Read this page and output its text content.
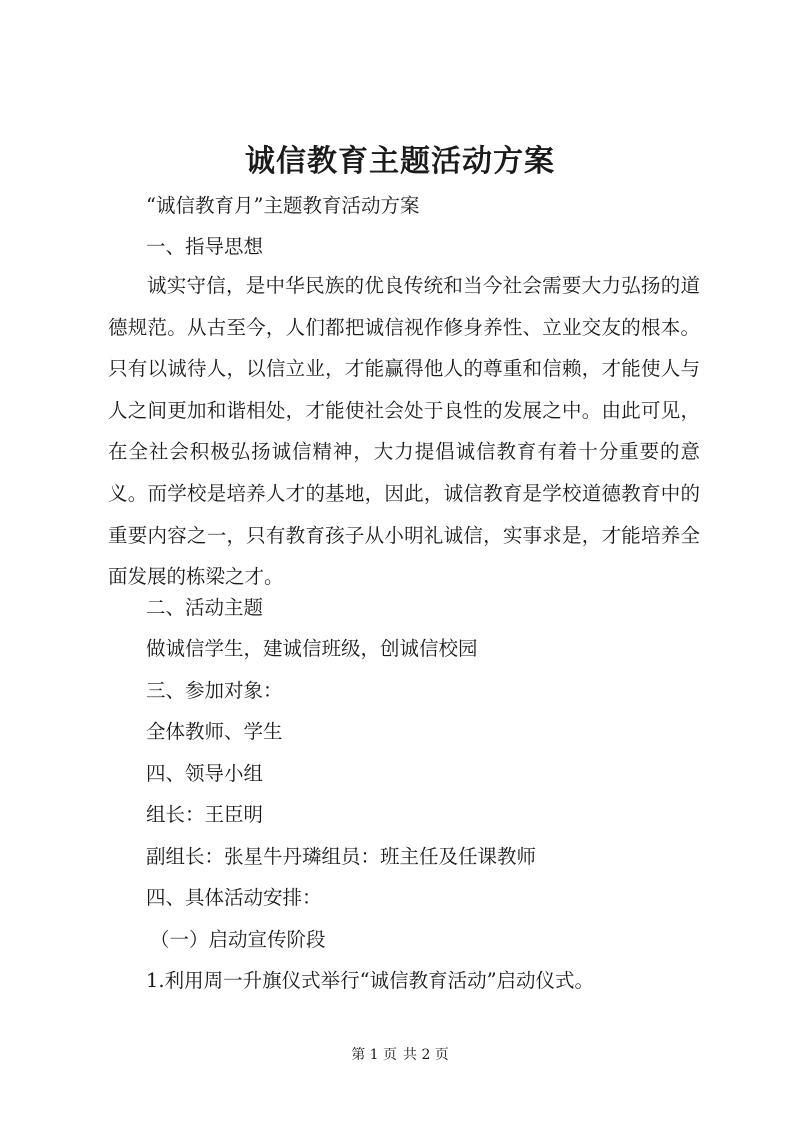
诚信教育主题活动方案
“诚信教育月”主题教育活动方案
一、指导思想
诚实守信，是中华民族的优良传统和当今社会需要大力弘扬的道德规范。从古至今，人们都把诚信视作修身养性、立业交友的根本。只有以诚待人，以信立业，才能赢得他人的尊重和信赖，才能使人与人之间更加和谐相处，才能使社会处于良性的发展之中。由此可见，在全社会积极弘扬诚信精神，大力提倡诚信教育有着十分重要的意义。而学校是培养人才的基地，因此，诚信教育是学校道德教育中的重要内容之一，只有教育孩子从小明礼诚信，实事求是，才能培养全面发展的栋梁之才。
二、活动主题
做诚信学生，建诚信班级，创诚信校园
三、参加对象：
全体教师、学生
四、领导小组
组长：王臣明
副组长：张星牛丹璘组员：班主任及任课教师
四、具体活动安排：
（一）启动宣传阶段
1.利用周一升旗仪式举行“诚信教育活动”启动仪式。
第 1 页 共 2 页
